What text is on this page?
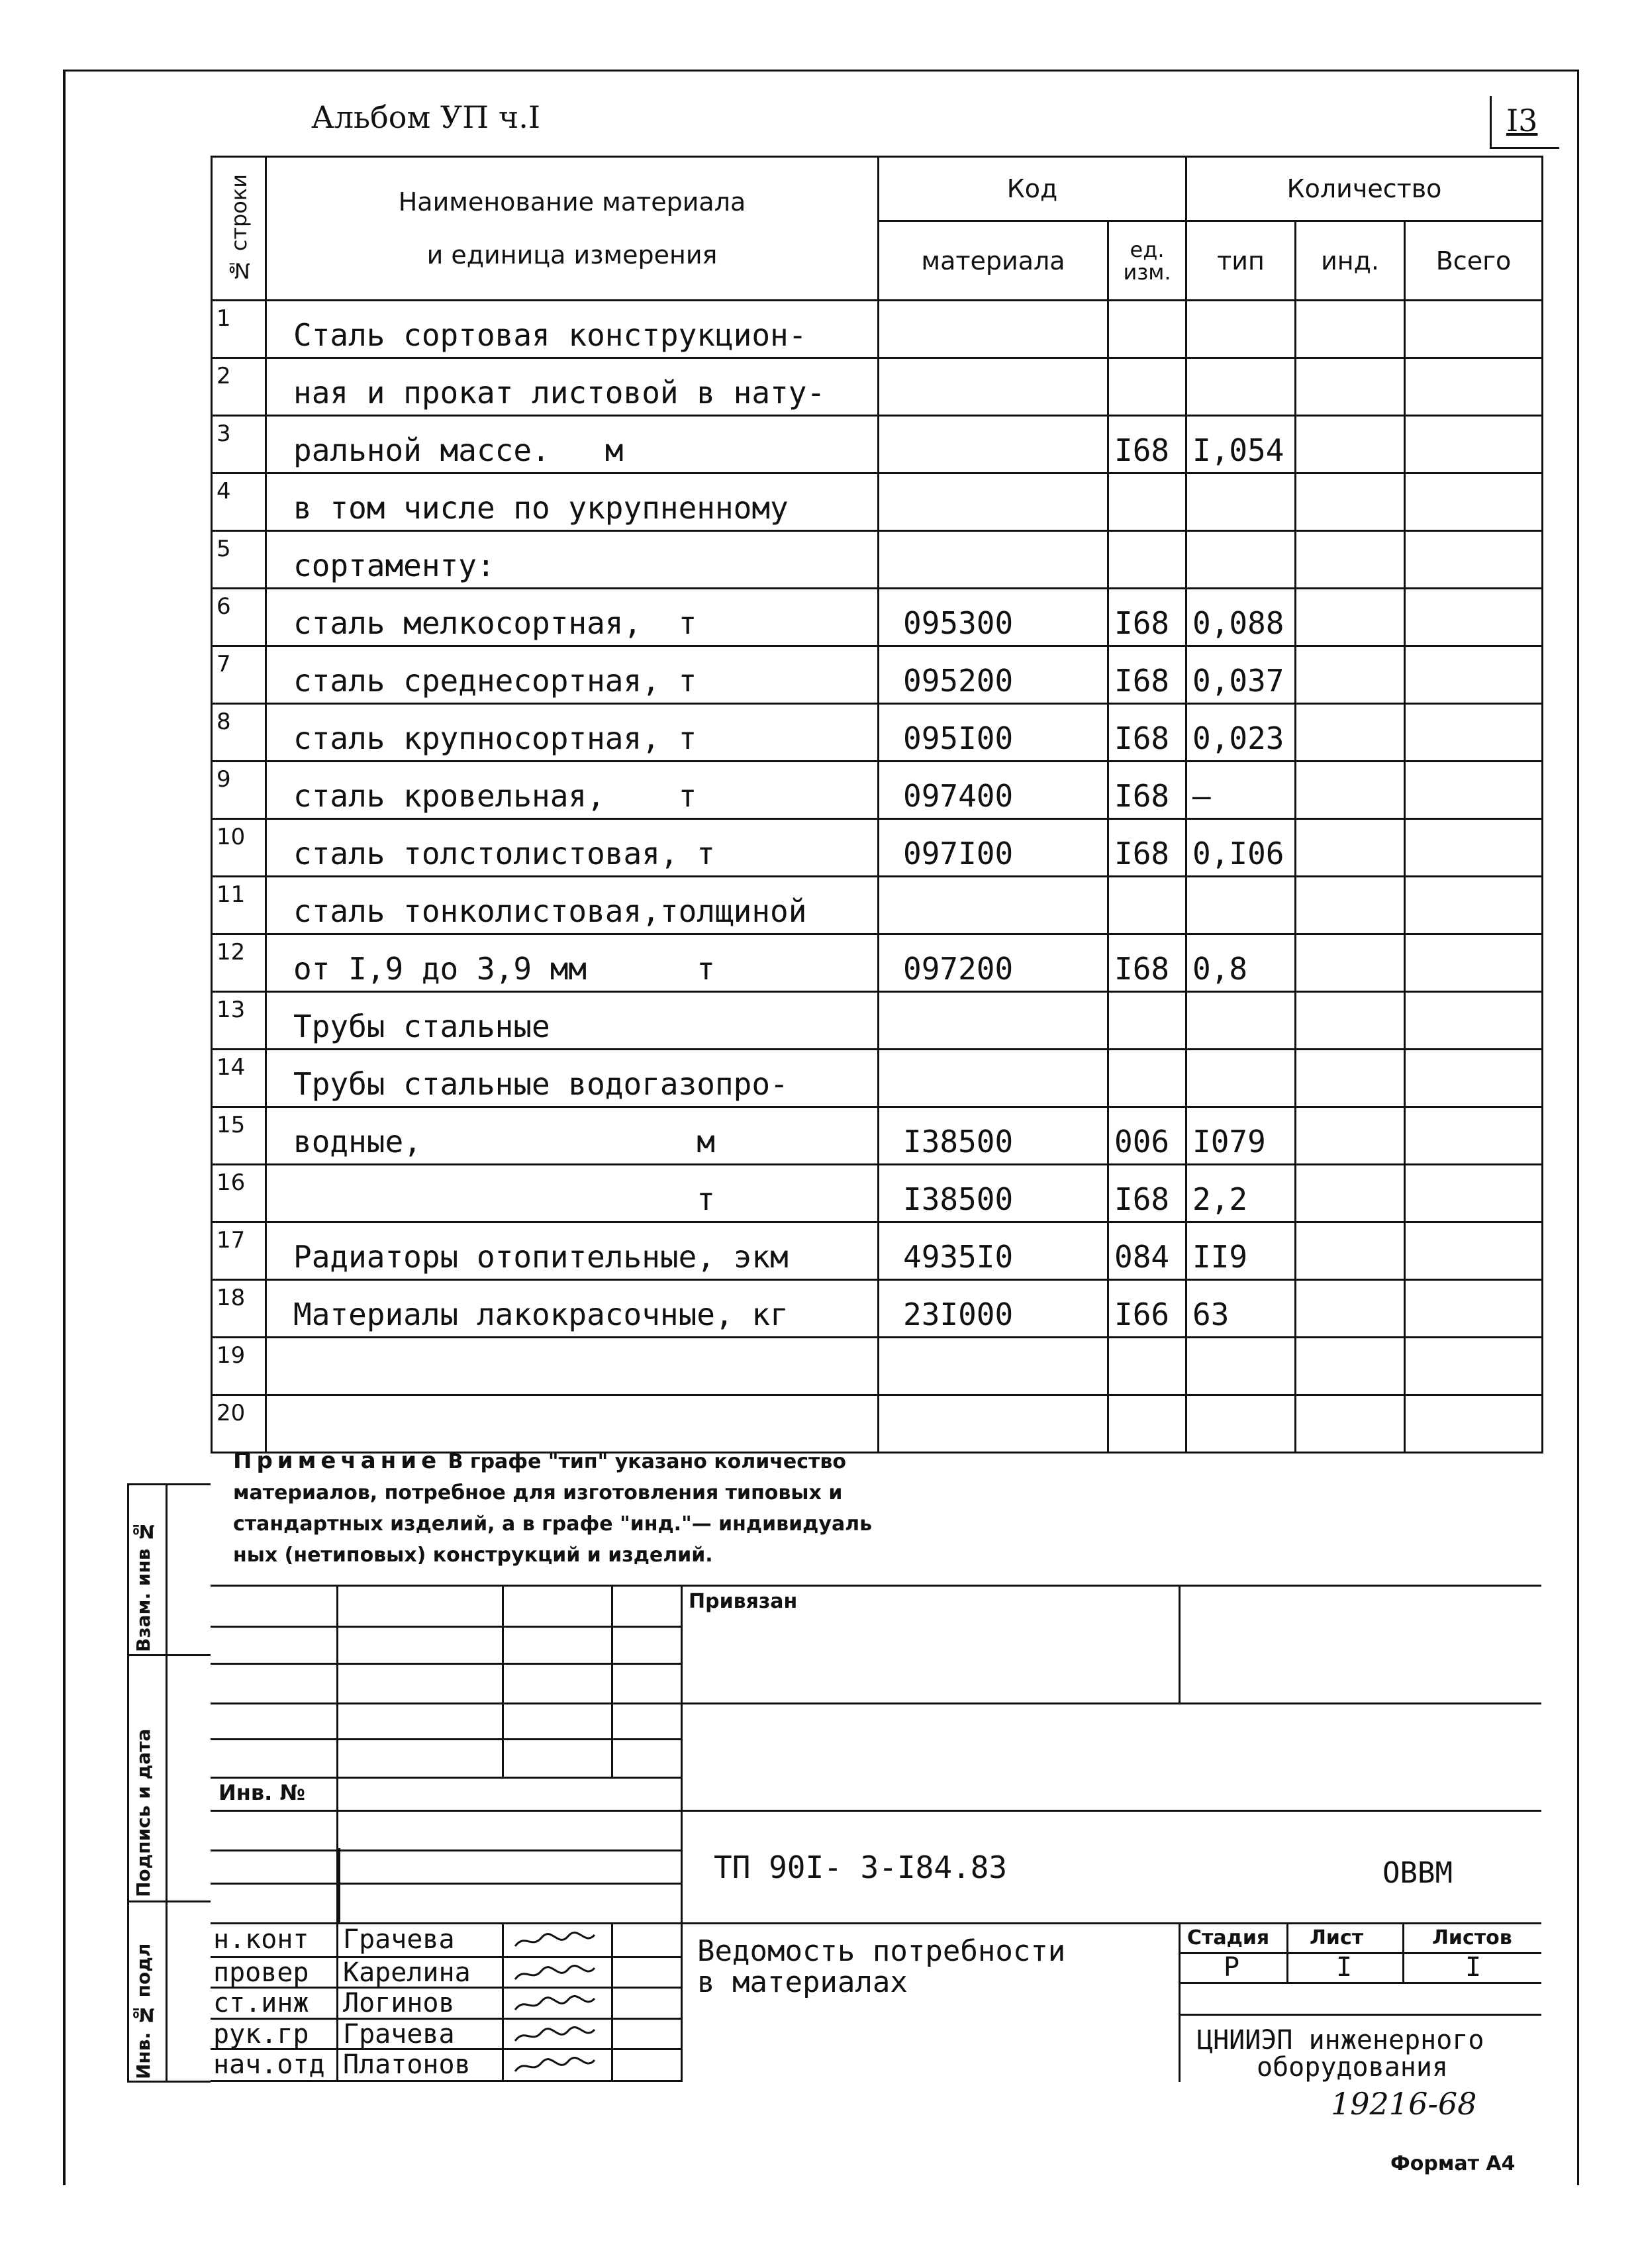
Альбом УП ч.I	I3
№ строки	Наименование материала
и единица измерения	Код		Количество		
		материала	ед. изм.	тип	инд.	Всего
1	Сталь сортовая конструкцион-					
2	ная и прокат листовой в нату-					
3	ральной массе.   м		I68	I,054		
4	в том числе по укрупненному					
5	сортаменту:					
6	сталь мелкосортная,  т	095300	I68	0,088		
7	сталь среднесортная, т	095200	I68	0,037		
8	сталь крупносортная, т	095I00	I68	0,023		
9	сталь кровельная,    т	097400	I68	–		
10	сталь толстолистовая, т	097I00	I68	0,I06		
11	сталь тонколистовая,толщиной					
12	от I,9 до 3,9 мм      т	097200	I68	0,8		
13	Трубы стальные					
14	Трубы стальные водогазопро-					
15	водные,               м	I38500	006	I079		
16	т	I38500	I68	2,2		
17	Радиаторы отопительные, экм	4935I0	084	II9		
18	Материалы лакокрасочные, кг	23I000	I66	63		
19						
20						
Взам. инв №
Подпись и дата
Инв. № подл
Примечание В графе "тип" указано количество
материалов, потребное для изготовления типовых и
стандартных изделий, а в графе "инд."— индивидуаль
ных (нетиповых) конструкций и изделий.
Привязан
Инв. №
ТП 90I- 3-I84.83	ОВВМ
Ведомость потребности
в материалах
Стадия Лист	Листов
Р	I	I
ЦНИИЭП инженерного
оборудования
н.конт Грачева
провер Карелина
ст.инж Логинов
рук.гр Грачева
нач.отд Платонов
19216-68
Формат А4
